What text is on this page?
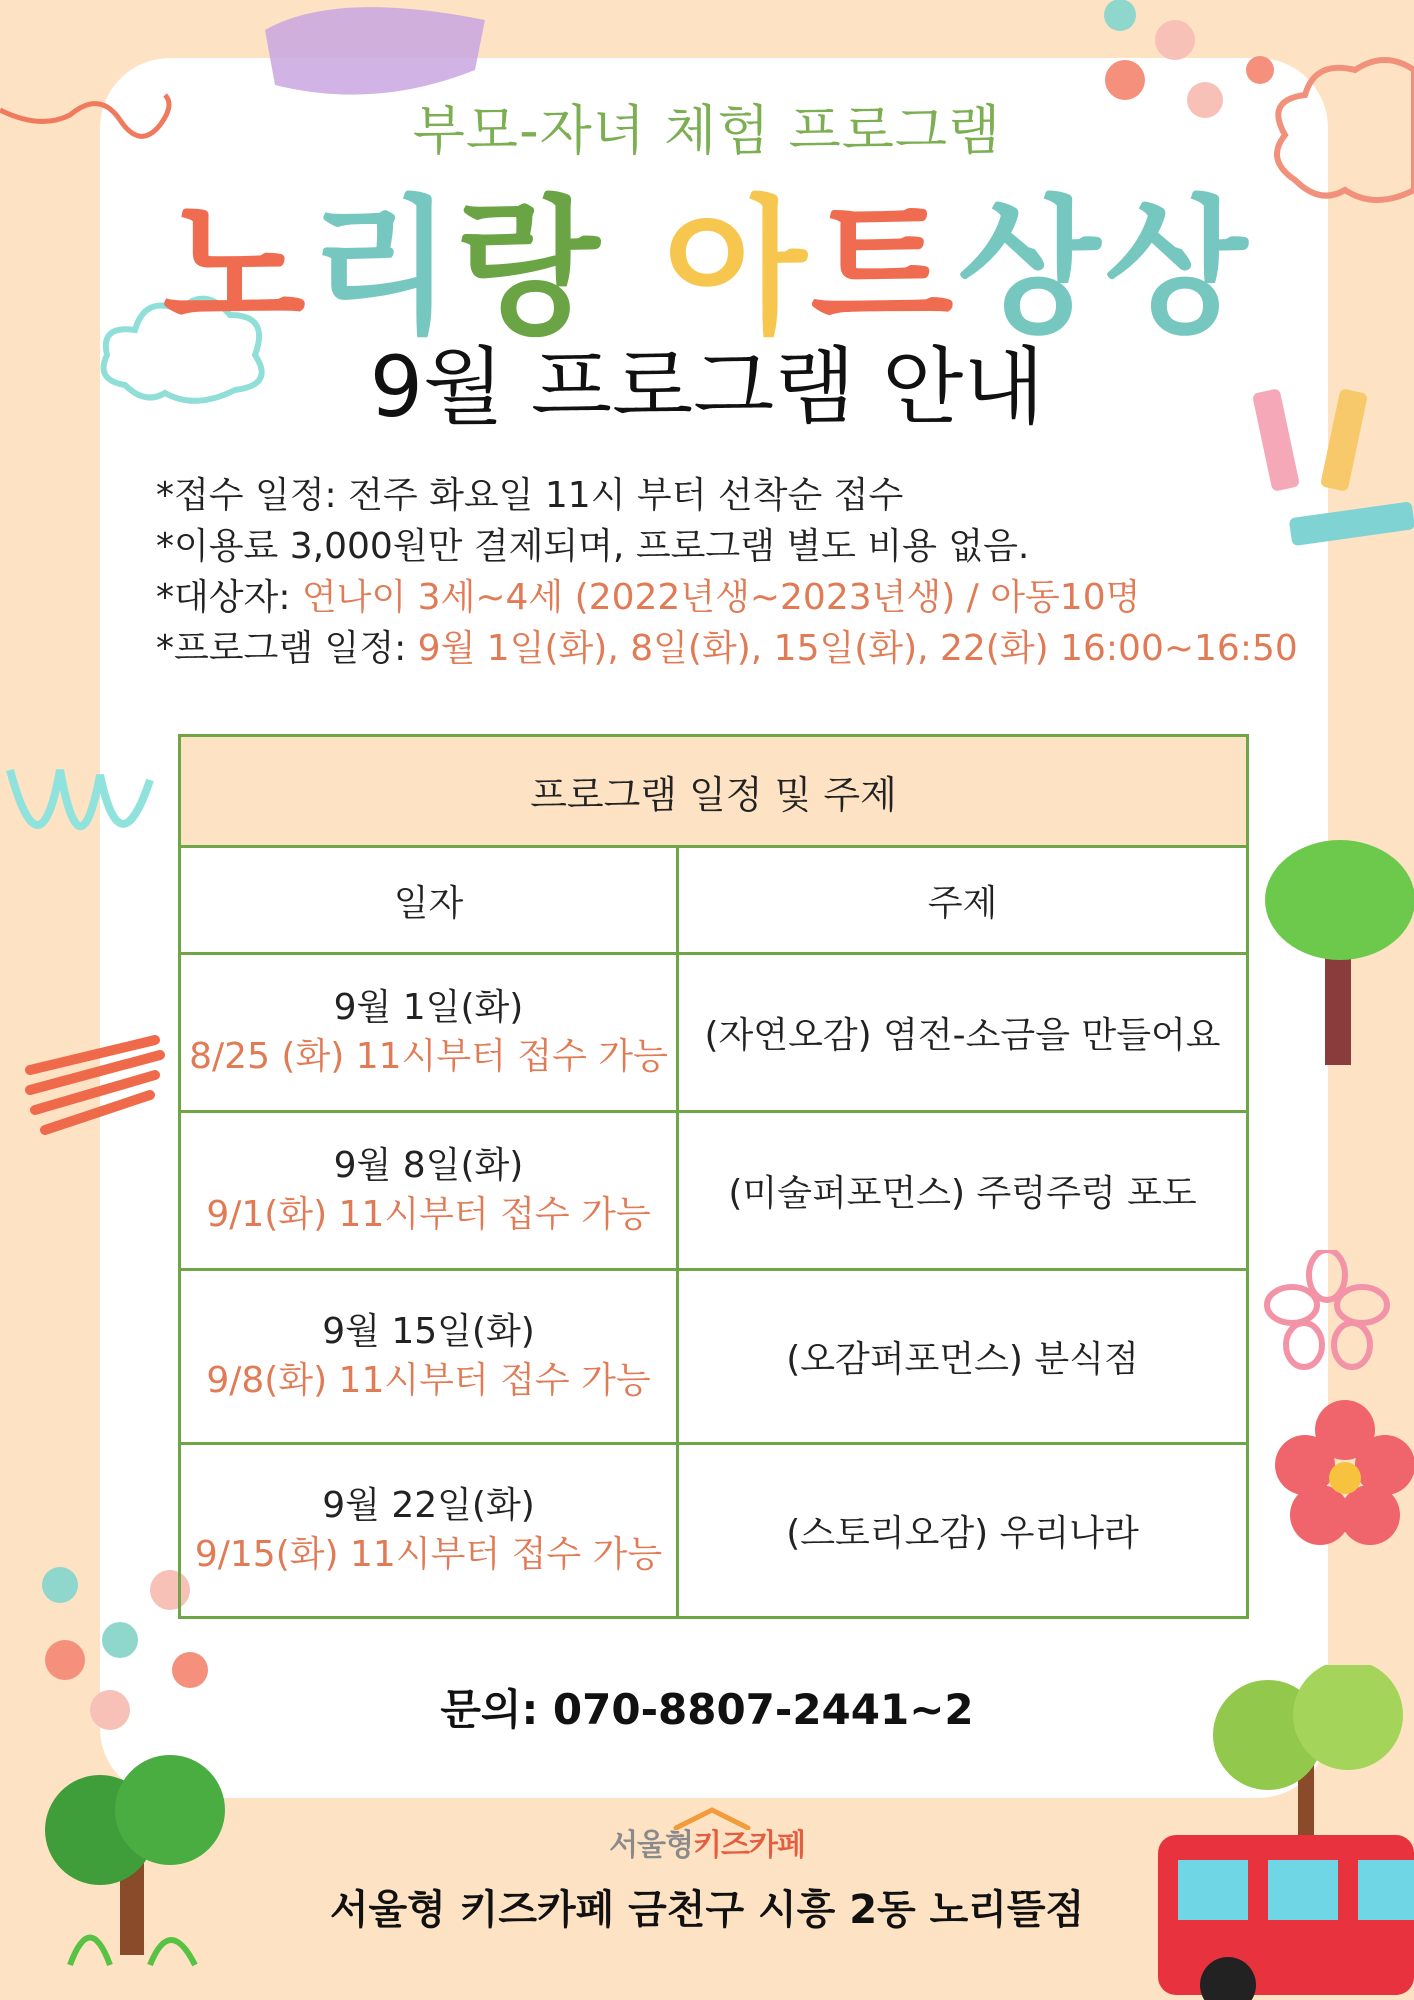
부모-자녀 체험 프로그램
노리랑 아트상상
9월 프로그램 안내
*접수 일정: 전주 화요일 11시 부터 선착순 접수
*이용료 3,000원만 결제되며, 프로그램 별도 비용 없음.
*대상자: 연나이 3세~4세 (2022년생~2023년생) / 아동10명
*프로그램 일정: 9월 1일(화), 8일(화), 15일(화), 22(화) 16:00~16:50
프로그램 일정 및 주제	
일자	주제

9월 1일(화)
8/25 (화) 11시부터 접수 가능	(자연오감) 염전-소금을 만들어요

9월 8일(화)
9/1(화) 11시부터 접수 가능	(미술퍼포먼스) 주렁주렁 포도

9월 15일(화)
9/8(화) 11시부터 접수 가능	(오감퍼포먼스) 분식점

9월 22일(화)
9/15(화) 11시부터 접수 가능	(스토리오감) 우리나라
문의: 070-8807-2441~2
서울형키즈카페
서울형 키즈카페 금천구 시흥 2동 노리뜰점
